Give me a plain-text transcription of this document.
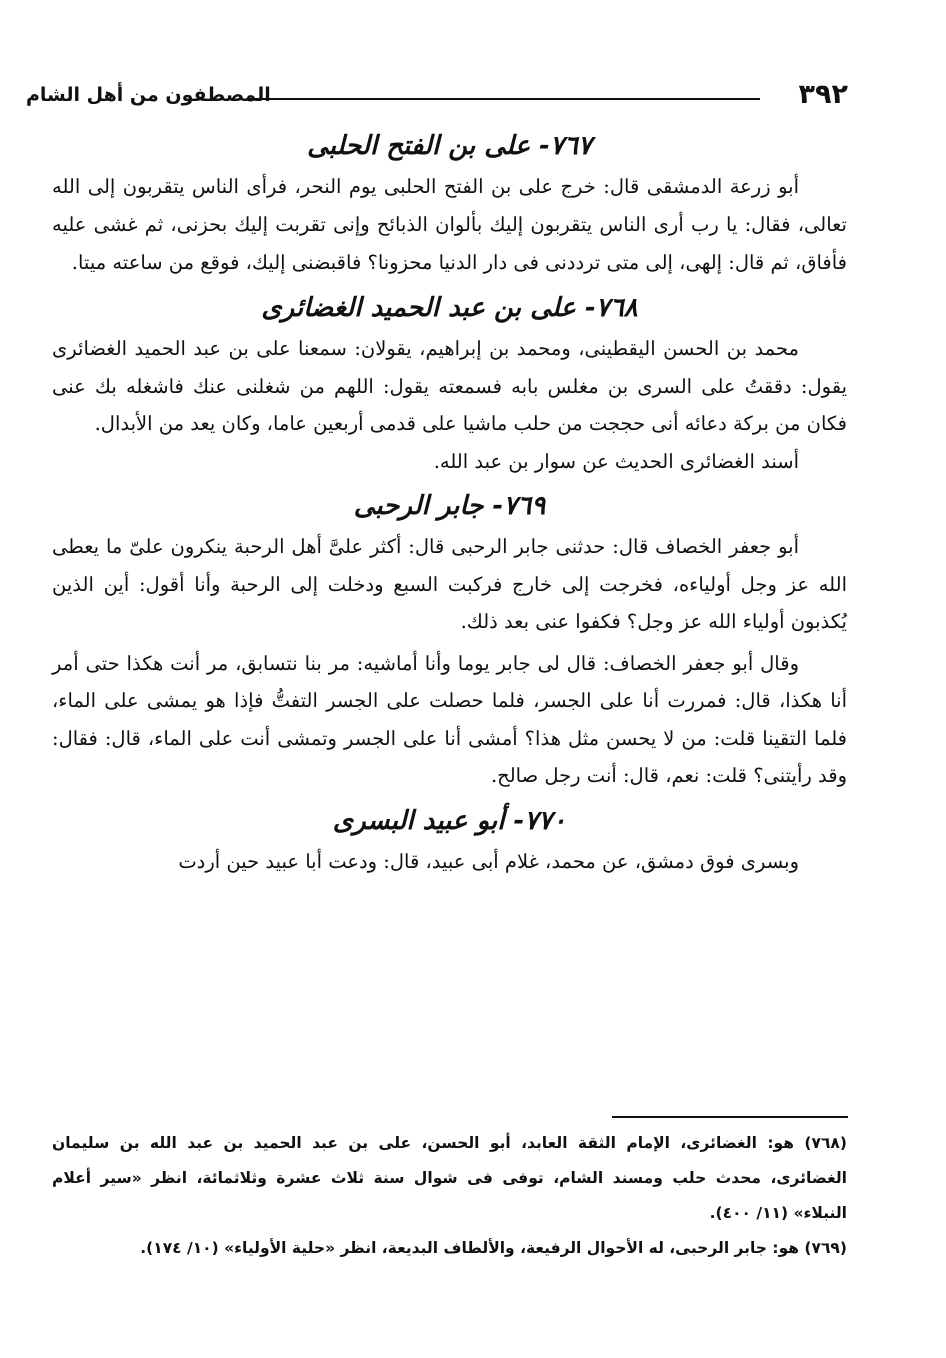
٣٩٢
المصطفون من أهل الشام
٧٦٧- على بن الفتح الحلبى

أبو زرعة الدمشقى قال: خرج على بن الفتح الحلبى يوم النحر، فرأى الناس يتقربون إلى الله تعالى، فقال: يا رب أرى الناس يتقربون إليك بألوان الذبائح وإنى تقربت إليك بحزنى، ثم غشى عليه فأفاق، ثم قال: إلهى، إلى متى ترددنى فى دار الدنيا محزونا؟ فاقبضنى إليك، فوقع من ساعته ميتا.

٧٦٨- على بن عبد الحميد الغضائرى

محمد بن الحسن اليقطينى، ومحمد بن إبراهيم، يقولان: سمعنا على بن عبد الحميد الغضائرى يقول: دققتُ على السرى بن مغلس بابه فسمعته يقول: اللهم من شغلنى عنك فاشغله بك عنى فكان من بركة دعائه أنى حججت من حلب ماشيا على قدمى أربعين عاما، وكان يعد من الأبدال.

أسند الغضائرى الحديث عن سوار بن عبد الله.

٧٦٩- جابر الرحبى

أبو جعفر الخصاف قال: حدثنى جابر الرحبى قال: أكثر علىَّ أهل الرحبة ينكرون علىّ ما يعطى الله عز وجل أولياءه، فخرجت إلى خارج فركبت السبع ودخلت إلى الرحبة وأنا أقول: أين الذين يُكذبون أولياء الله عز وجل؟ فكفوا عنى بعد ذلك.

وقال أبو جعفر الخصاف: قال لى جابر يوما وأنا أماشيه: مر بنا نتسابق، مر أنت هكذا حتى أمر أنا هكذا، قال: فمررت أنا على الجسر، فلما حصلت على الجسر التفتُّ فإذا هو يمشى على الماء، فلما التقينا قلت: من لا يحسن مثل هذا؟ أمشى أنا على الجسر وتمشى أنت على الماء، قال: فقال: وقد رأيتنى؟ قلت: نعم، قال: أنت رجل صالح.

٧٧٠- أبو عبيد البسرى

وبسرى فوق دمشق، عن محمد، غلام أبى عبيد، قال: ودعت أبا عبيد حين أردت

(٧٦٨) هو: الغضائرى، الإمام الثقة العابد، أبو الحسن، على بن عبد الحميد بن عبد الله بن سليمان الغضائرى، محدث حلب ومسند الشام، توفى فى شوال سنة ثلاث عشرة وثلاثمائة، انظر «سير أعلام النبلاء» (١١/ ٤٠٠).

(٧٦٩) هو: جابر الرحبى، له الأحوال الرفيعة، والألطاف البديعة، انظر «حلية الأولياء» (١٠/ ١٧٤).
